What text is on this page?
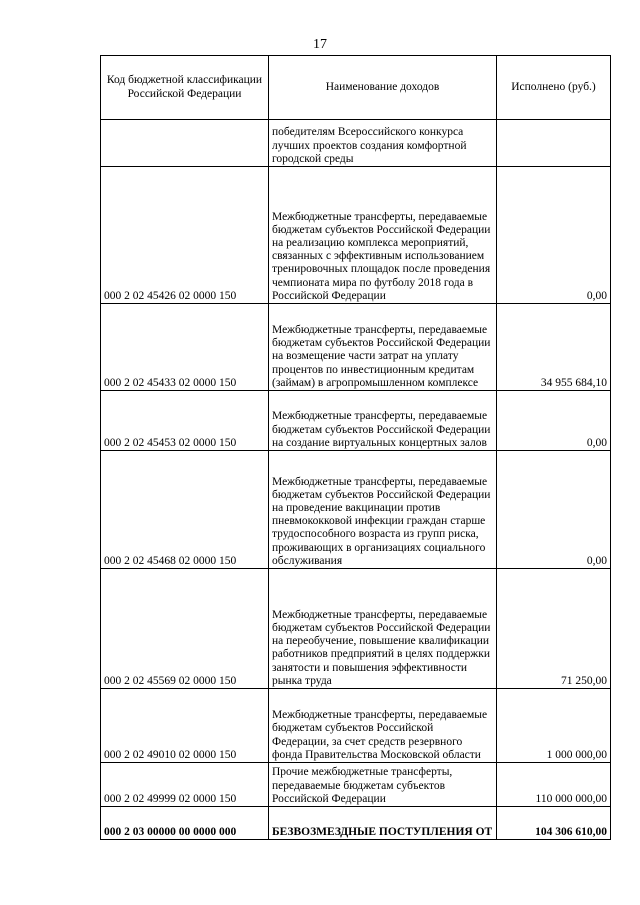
17
Код бюджетной классификации Российской Федерации	Наименование доходов	Исполнено (руб.)
	победителям Всероссийского конкурса лучших проектов создания комфортной городской среды	
000 2 02 45426 02 0000 150	Межбюджетные трансферты, передаваемые бюджетам субъектов Российской Федерации на реализацию комплекса мероприятий, связанных с эффективным использованием тренировочных площадок после проведения чемпионата мира по футболу 2018 года в Российской Федерации	0,00
000 2 02 45433 02 0000 150	Межбюджетные трансферты, передаваемые бюджетам субъектов Российской Федерации на возмещение части затрат на уплату процентов по инвестиционным кредитам (займам) в агропромышленном комплексе	34 955 684,10
000 2 02 45453 02 0000 150	Межбюджетные трансферты, передаваемые бюджетам субъектов Российской Федерации на создание виртуальных концертных залов	0,00
000 2 02 45468 02 0000 150	Межбюджетные трансферты, передаваемые бюджетам субъектов Российской Федерации на проведение вакцинации против пневмококковой инфекции граждан старше трудоспособного возраста из групп риска, проживающих в организациях социального обслуживания	0,00
000 2 02 45569 02 0000 150	Межбюджетные трансферты, передаваемые бюджетам субъектов Российской Федерации на переобучение, повышение квалификации работников предприятий в целях поддержки занятости и повышения эффективности рынка труда	71 250,00
000 2 02 49010 02 0000 150	Межбюджетные трансферты, передаваемые бюджетам субъектов Российской Федерации, за счет средств резервного фонда Правительства Московской области	1 000 000,00
000 2 02 49999 02 0000 150	Прочие межбюджетные трансферты, передаваемые бюджетам субъектов Российской Федерации	110 000 000,00
000 2 03 00000 00 0000 000	БЕЗВОЗМЕЗДНЫЕ ПОСТУПЛЕНИЯ ОТ	104 306 610,00
